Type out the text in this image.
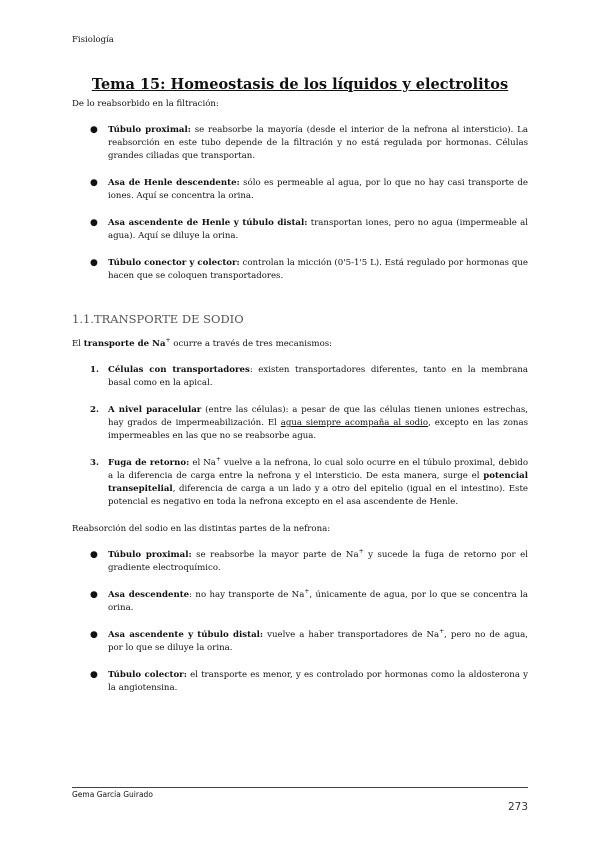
Fisiología
Tema 15: Homeostasis de los líquidos y electrolitos

De lo reabsorbido en la filtración:

● Túbulo proximal: se reabsorbe la mayoría (desde el interior de la nefrona al intersticio). La reabsorción en este tubo depende de la filtración y no está regulada por hormonas. Células grandes ciliadas que transportan.
● Asa de Henle descendente: sólo es permeable al agua, por lo que no hay casi transporte de iones. Aquí se concentra la orina.
● Asa ascendente de Henle y túbulo distal: transportan iones, pero no agua (impermeable al agua). Aquí se diluye la orina.
● Túbulo conector y colector: controlan la micción (0'5-1'5 L). Está regulado por hormonas que hacen que se coloquen transportadores.

1.1.TRANSPORTE DE SODIO

El transporte de Na+ ocurre a través de tres mecanismos:

1. Células con transportadores: existen transportadores diferentes, tanto en la membrana basal como en la apical.
2. A nivel paracelular (entre las células): a pesar de que las células tienen uniones estrechas, hay grados de impermeabilización. El agua siempre acompaña al sodio, excepto en las zonas impermeables en las que no se reabsorbe agua.
3. Fuga de retorno: el Na+ vuelve a la nefrona, lo cual solo ocurre en el túbulo proximal, debido a la diferencia de carga entre la nefrona y el intersticio. De esta manera, surge el potencial transepitelial, diferencia de carga a un lado y a otro del epitelio (igual en el intestino). Este potencial es negativo en toda la nefrona excepto en el asa ascendente de Henle.

Reabsorción del sodio en las distintas partes de la nefrona:

● Túbulo proximal: se reabsorbe la mayor parte de Na+ y sucede la fuga de retorno por el gradiente electroquímico.
● Asa descendente: no hay transporte de Na+, únicamente de agua, por lo que se concentra la orina.
● Asa ascendente y túbulo distal: vuelve a haber transportadores de Na+, pero no de agua, por lo que se diluye la orina.
● Túbulo colector: el transporte es menor, y es controlado por hormonas como la aldosterona y la angiotensina.
Gema García Guirado
273
